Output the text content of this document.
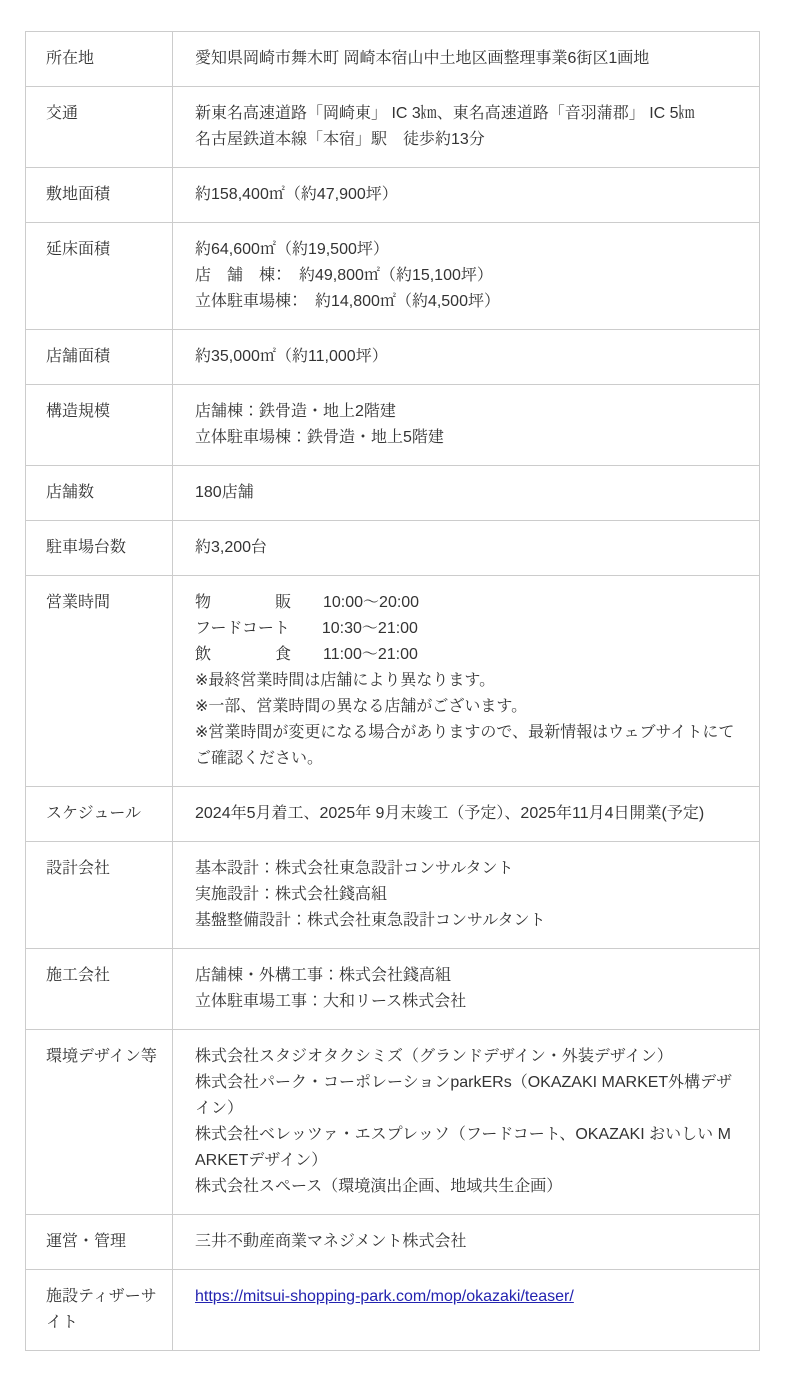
所在地	愛知県岡崎市舞木町 岡崎本宿山中土地区画整理事業6街区1画地

交通	新東名高速道路「岡崎東」 IC 3㎞、東名高速道路「音羽蒲郡」 IC 5㎞
名古屋鉄道本線「本宿」駅　徒歩約13分

敷地面積	約158,400㎡（約47,900坪）

延床面積	約64,600㎡（約19,500坪）
店　舗　棟：　約49,800㎡（約15,100坪）
立体駐車場棟：　約14,800㎡（約4,500坪）

店舗面積	約35,000㎡（約11,000坪）

構造規模	店舗棟：鉄骨造・地上2階建
立体駐車場棟：鉄骨造・地上5階建

店舗数	180店舗

駐車場台数	約3,200台

営業時間	物　　　　販　　10:00～20:00
フードコート　　10:30～21:00
飲　　　　食　　11:00～21:00
※最終営業時間は店舗により異なります。
※一部、営業時間の異なる店舗がございます。
※営業時間が変更になる場合がありますので、最新情報はウェブサイトにてご確認ください。

スケジュール	2024年5月着工、2025年 9月末竣工（予定）、2025年11月4日開業(予定)

設計会社	基本設計：株式会社東急設計コンサルタント
実施設計：株式会社錢高組
基盤整備設計：株式会社東急設計コンサルタント

施工会社	店舗棟・外構工事：株式会社錢高組
立体駐車場工事：大和リース株式会社

環境デザイン等	株式会社スタジオタクシミズ（グランドデザイン・外装デザイン）
株式会社パーク・コーポレーションparkERs（OKAZAKI MARKET外構デザイン）
株式会社ベレッツァ・エスプレッソ（フードコート、OKAZAKI おいしい MARKETデザイン）
株式会社スペース（環境演出企画、地域共生企画）

運営・管理	三井不動産商業マネジメント株式会社

施設ティザーサイト	https://mitsui-shopping-park.com/mop/okazaki/teaser/
